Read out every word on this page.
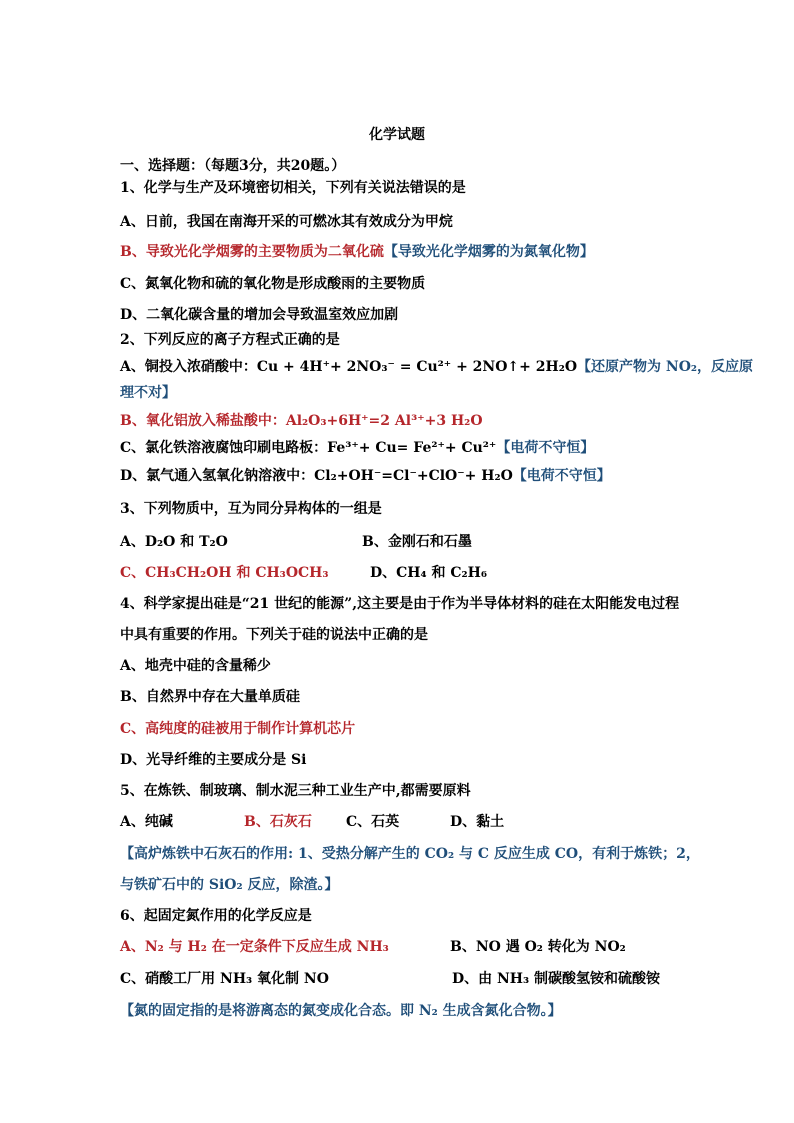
化学试题
一、选择题：（每题3分，共20题。）
1、化学与生产及环境密切相关，下列有关说法错误的是
A、日前，我国在南海开采的可燃冰其有效成分为甲烷
B、导致光化学烟雾的主要物质为二氧化硫【导致光化学烟雾的为氮氧化物】
C、氮氧化物和硫的氧化物是形成酸雨的主要物质
D、二氧化碳含量的增加会导致温室效应加剧
2、下列反应的离子方程式正确的是
A、铜投入浓硝酸中：Cu + 4H⁺+ 2NO₃⁻ = Cu²⁺ + 2NO↑+ 2H₂O【还原产物为 NO₂，反应原
理不对】
B、氧化铝放入稀盐酸中：Al₂O₃+6H⁺=2 Al³⁺+3 H₂O
C、氯化铁溶液腐蚀印刷电路板：Fe³⁺+ Cu= Fe²⁺+ Cu²⁺【电荷不守恒】
D、氯气通入氢氧化钠溶液中：Cl₂+OH⁻=Cl⁻+ClO⁻+ H₂O【电荷不守恒】
3、下列物质中，互为同分异构体的一组是
A、D₂O 和 T₂O	B、金刚石和石墨
C、CH₃CH₂OH 和 CH₃OCH₃	D、CH₄ 和 C₂H₆
4、科学家提出硅是“21 世纪的能源”,这主要是由于作为半导体材料的硅在太阳能发电过程
中具有重要的作用。下列关于硅的说法中正确的是
A、地壳中硅的含量稀少
B、自然界中存在大量单质硅
C、高纯度的硅被用于制作计算机芯片
D、光导纤维的主要成分是 Si
5、在炼铁、制玻璃、制水泥三种工业生产中,都需要原料
A、纯碱	B、石灰石 C、石英	D、黏土
【高炉炼铁中石灰石的作用: 1、受热分解产生的 CO₂ 与 C 反应生成 CO，有利于炼铁；2，
与铁矿石中的 SiO₂ 反应，除渣。】
6、起固定氮作用的化学反应是
A、N₂ 与 H₂ 在一定条件下反应生成 NH₃	B、NO 遇 O₂ 转化为 NO₂
C、硝酸工厂用 NH₃ 氧化制 NO	D、由 NH₃ 制碳酸氢铵和硫酸铵
【氮的固定指的是将游离态的氮变成化合态。即 N₂ 生成含氮化合物。】
